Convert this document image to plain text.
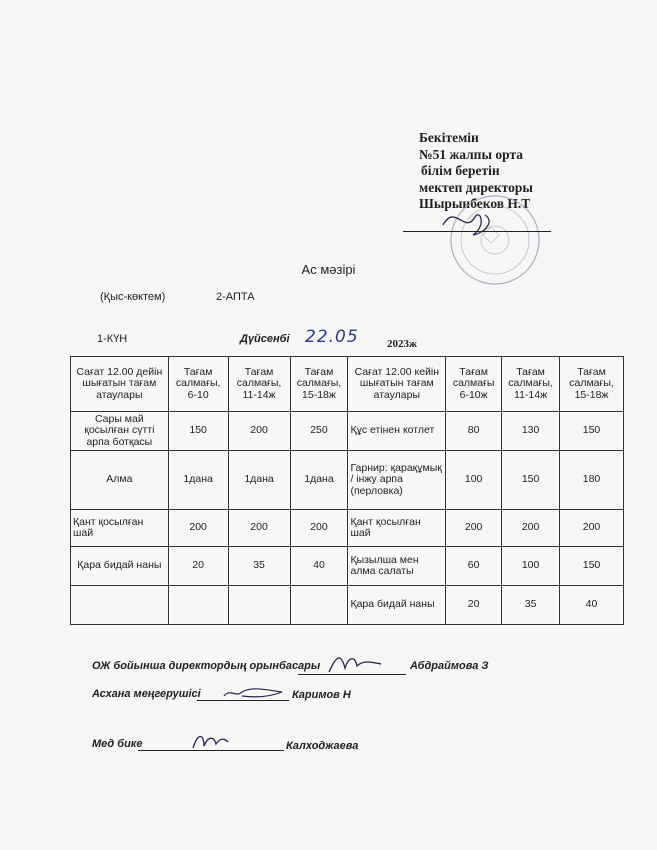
Бекітемін
№51 жалпы орта
білім беретін
мектеп директоры
Шырынбеков Н.Т
Ас мәзірі
(Қыс-көктем)	2-АПТА
1-КҮН	Дүйсенбі 22.05	2023ж
Сағат 12.00 дейін шығатын тағам атаулары	Тағам салмағы, 6-10	Тағам салмағы, 11-14ж	Тағам салмағы, 15-18ж	Сағат 12.00 кейін шығатын тағам атаулары	Тағам салмағы 6-10ж	Тағам салмағы, 11-14ж	Тағам салмағы, 15-18ж
Сары май қосылған сүтті арпа ботқасы	150	200	250	Құс етінен котлет	80	130	150
Алма	1дана	1дана	1дана	Гарнир: қарақұмық / інжу арпа (перловка)	100	150	180
Қант қосылған шай	200	200	200	Қант қосылған шай	200	200	200
Қара бидай наны	20	35	40	Қызылша мен алма салаты	60	100	150
				Қара бидай наны	20	35	40
ОЖ бойынша директордың орынбасары	Абдраймова З
Асхана меңгерушісі	Каримов Н
Мед бике	Калходжаева
